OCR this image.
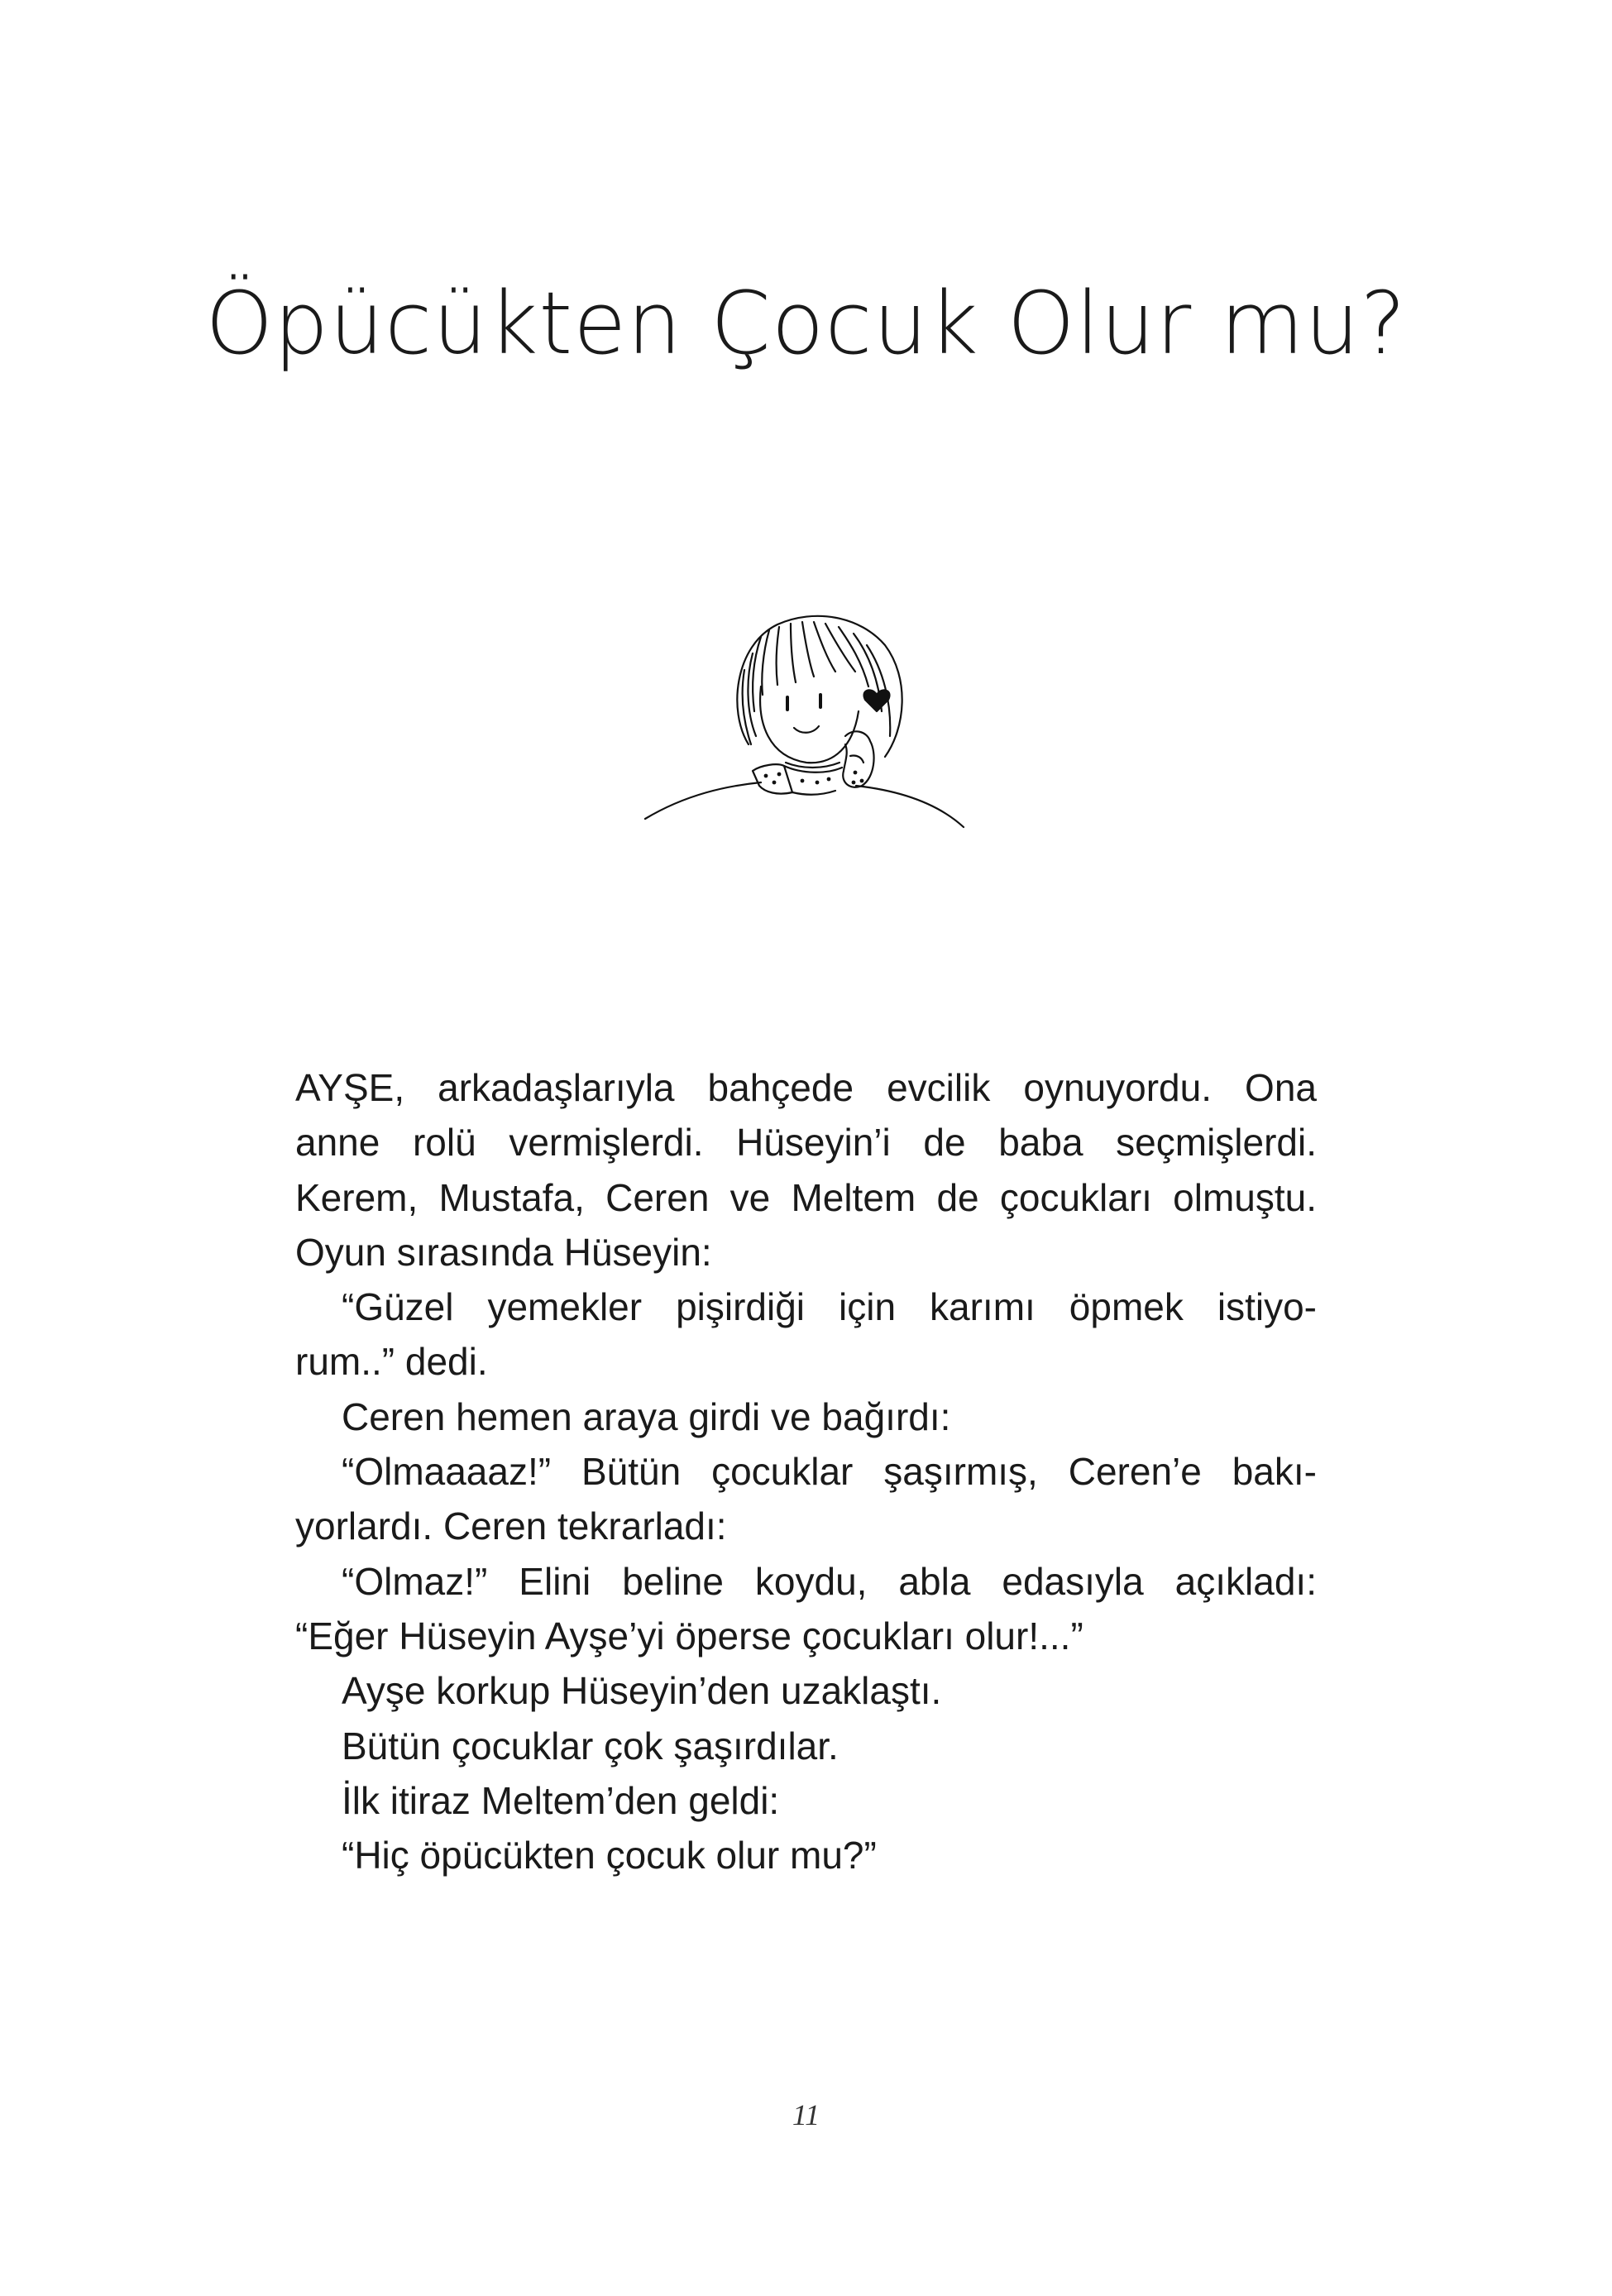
Öpücükten Çocuk Olur mu?

AYŞE, arkadaşlarıyla bahçede evcilik oynuyordu. Ona

anne rolü vermişlerdi. Hüseyin’i de baba seçmişlerdi.

Kerem, Mustafa, Ceren ve Meltem de çocukları olmuştu.

Oyun sırasında Hüseyin:

“Güzel yemekler pişirdiği için karımı öpmek istiyo-

rum..” dedi.

Ceren hemen araya girdi ve bağırdı:

“Olmaaaaz!” Bütün çocuklar şaşırmış, Ceren’e bakı-

yorlardı. Ceren tekrarladı:

“Olmaz!” Elini beline koydu, abla edasıyla açıkladı:

“Eğer Hüseyin Ayşe’yi öperse çocukları olur!...”

Ayşe korkup Hüseyin’den uzaklaştı.

Bütün çocuklar çok şaşırdılar.

İlk itiraz Meltem’den geldi:

“Hiç öpücükten çocuk olur mu?”

11
